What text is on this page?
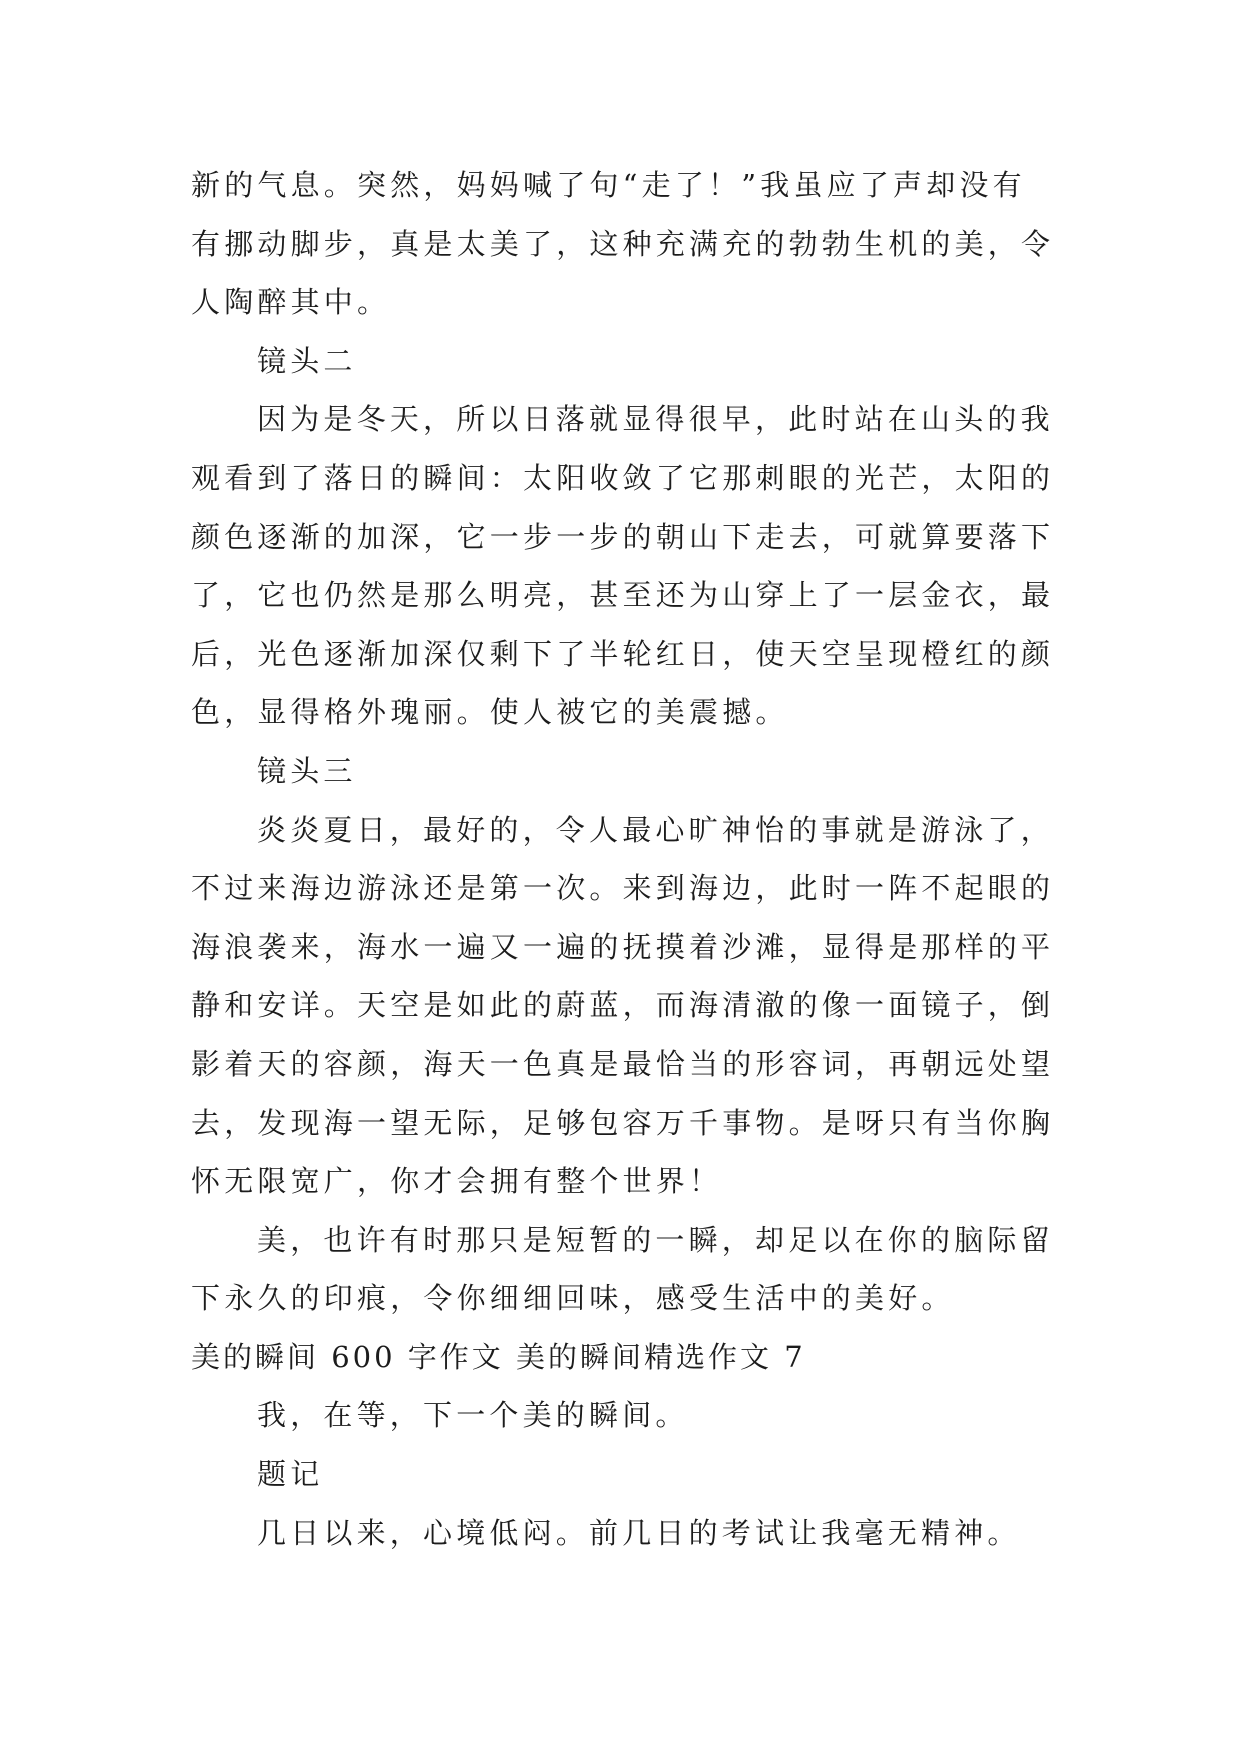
新的气息。突然，妈妈喊了句“走了！”我虽应了声却没有
有挪动脚步，真是太美了，这种充满充的勃勃生机的美，令
人陶醉其中。
镜头二
因为是冬天，所以日落就显得很早，此时站在山头的我
观看到了落日的瞬间：太阳收敛了它那刺眼的光芒，太阳的
颜色逐渐的加深，它一步一步的朝山下走去，可就算要落下
了，它也仍然是那么明亮，甚至还为山穿上了一层金衣，最
后，光色逐渐加深仅剩下了半轮红日，使天空呈现橙红的颜
色，显得格外瑰丽。使人被它的美震撼。
镜头三
炎炎夏日，最好的，令人最心旷神怡的事就是游泳了，
不过来海边游泳还是第一次。来到海边，此时一阵不起眼的
海浪袭来，海水一遍又一遍的抚摸着沙滩，显得是那样的平
静和安详。天空是如此的蔚蓝，而海清澈的像一面镜子，倒
影着天的容颜，海天一色真是最恰当的形容词，再朝远处望
去，发现海一望无际，足够包容万千事物。是呀只有当你胸
怀无限宽广，你才会拥有整个世界！
美，也许有时那只是短暂的一瞬，却足以在你的脑际留
下永久的印痕，令你细细回味，感受生活中的美好。
美的瞬间 600 字作文 美的瞬间精选作文 7
我，在等，下一个美的瞬间。
题记
几日以来，心境低闷。前几日的考试让我毫无精神。
